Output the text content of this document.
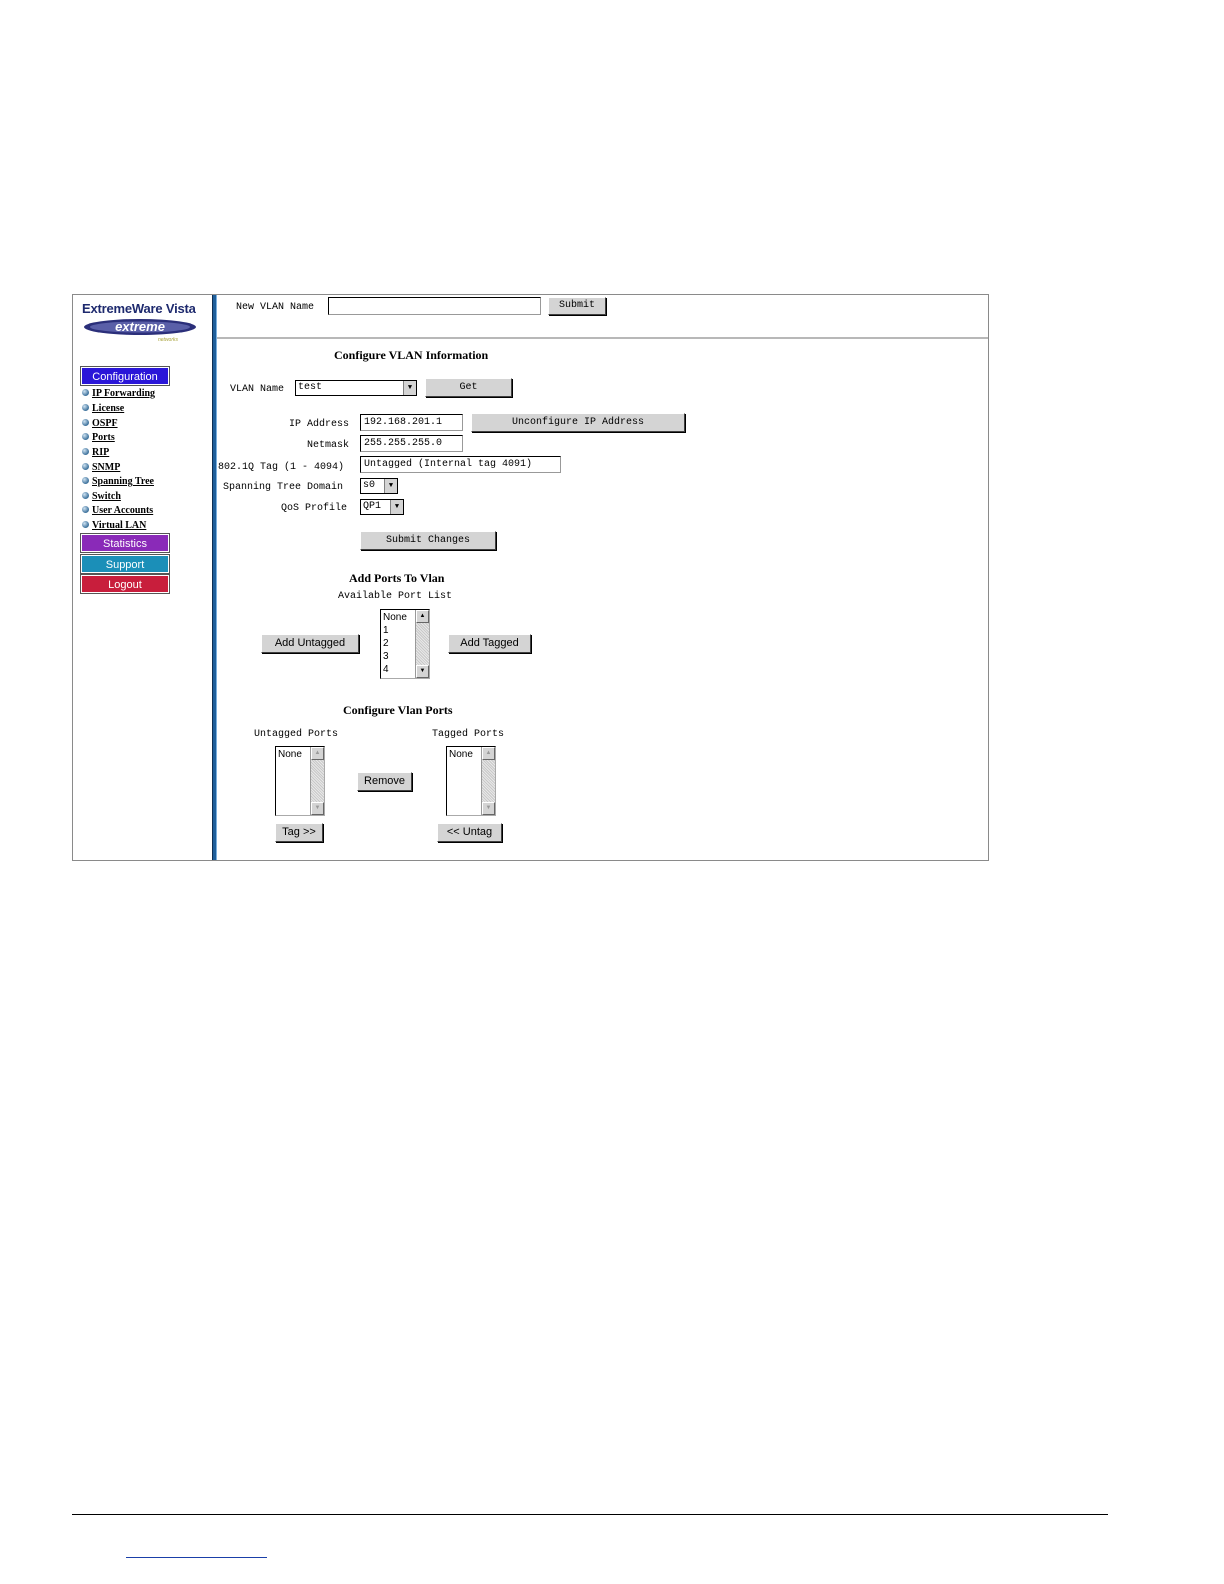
ExtremeWare Vista
extreme
networks
Configuration
IP Forwarding
License
OSPF
Ports
RIP
SNMP
Spanning Tree
Switch
User Accounts
Virtual LAN
Statistics
Support
Logout
New VLAN Name	Submit
Configure VLAN Information
VLAN Name	test	▼	Get
IP Address	192.168.201.1	Unconfigure IP Address
Netmask	255.255.255.0
802.1Q Tag (1 - 4094)	Untagged (Internal tag 4091)
Spanning Tree Domain	s0	▼
QoS Profile	QP1	▼
Submit Changes
Add Ports To Vlan
Available Port List
Add Untagged
None
1
2
3
4
▲
▼
Add Tagged
Configure Vlan Ports
Untagged Ports	Tagged Ports
None	▲
▼
Remove
None	▲
▼
Tag >>	<< Untag
